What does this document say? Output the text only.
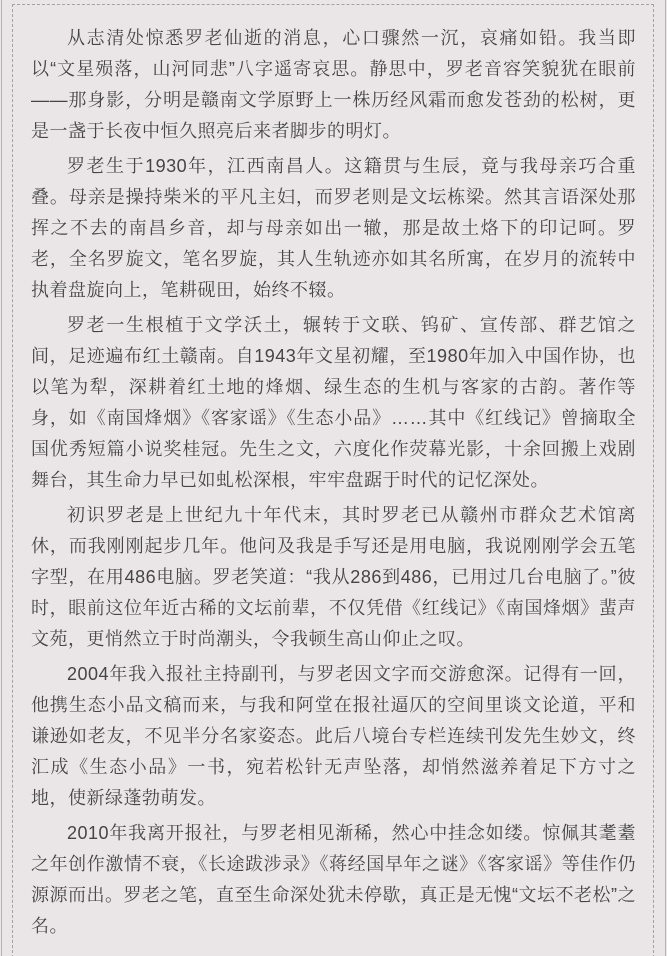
从志清处惊悉罗老仙逝的消息，心口骤然一沉，哀痛如铅。我当即以“文星殒落，山河同悲”八字遥寄哀思。静思中，罗老音容笑貌犹在眼前——那身影，分明是赣南文学原野上一株历经风霜而愈发苍劲的松树，更是一盏于长夜中恒久照亮后来者脚步的明灯。

罗老生于1930年，江西南昌人。这籍贯与生辰，竟与我母亲巧合重叠。母亲是操持柴米的平凡主妇，而罗老则是文坛栋梁。然其言语深处那挥之不去的南昌乡音，却与母亲如出一辙，那是故土烙下的印记呵。罗老，全名罗旋文，笔名罗旋，其人生轨迹亦如其名所寓，在岁月的流转中执着盘旋向上，笔耕砚田，始终不辍。

罗老一生根植于文学沃土，辗转于文联、钨矿、宣传部、群艺馆之间，足迹遍布红土赣南。自1943年文星初耀，至1980年加入中国作协，也以笔为犁，深耕着红土地的烽烟、绿生态的生机与客家的古韵。著作等身，如《南国烽烟》《客家谣》《生态小品》……其中《红线记》曾摘取全国优秀短篇小说奖桂冠。先生之文，六度化作荧幕光影，十余回搬上戏剧舞台，其生命力早已如虬松深根，牢牢盘踞于时代的记忆深处。

初识罗老是上世纪九十年代末，其时罗老已从赣州市群众艺术馆离休，而我刚刚起步几年。他问及我是手写还是用电脑，我说刚刚学会五笔字型，在用486电脑。罗老笑道：“我从286到486，已用过几台电脑了。”彼时，眼前这位年近古稀的文坛前辈，不仅凭借《红线记》《南国烽烟》蜚声文苑，更悄然立于时尚潮头，令我顿生高山仰止之叹。

2004年我入报社主持副刊，与罗老因文字而交游愈深。记得有一回，他携生态小品文稿而来，与我和阿堂在报社逼仄的空间里谈文论道，平和谦逊如老友，不见半分名家姿态。此后八境台专栏连续刊发先生妙文，终汇成《生态小品》一书，宛若松针无声坠落，却悄然滋养着足下方寸之地，使新绿蓬勃萌发。

2010年我离开报社，与罗老相见渐稀，然心中挂念如缕。惊佩其耄耋之年创作激情不衰，《长途跋涉录》《蒋经国早年之谜》《客家谣》等佳作仍源源而出。罗老之笔，直至生命深处犹未停歇，真正是无愧“文坛不老松”之名。
